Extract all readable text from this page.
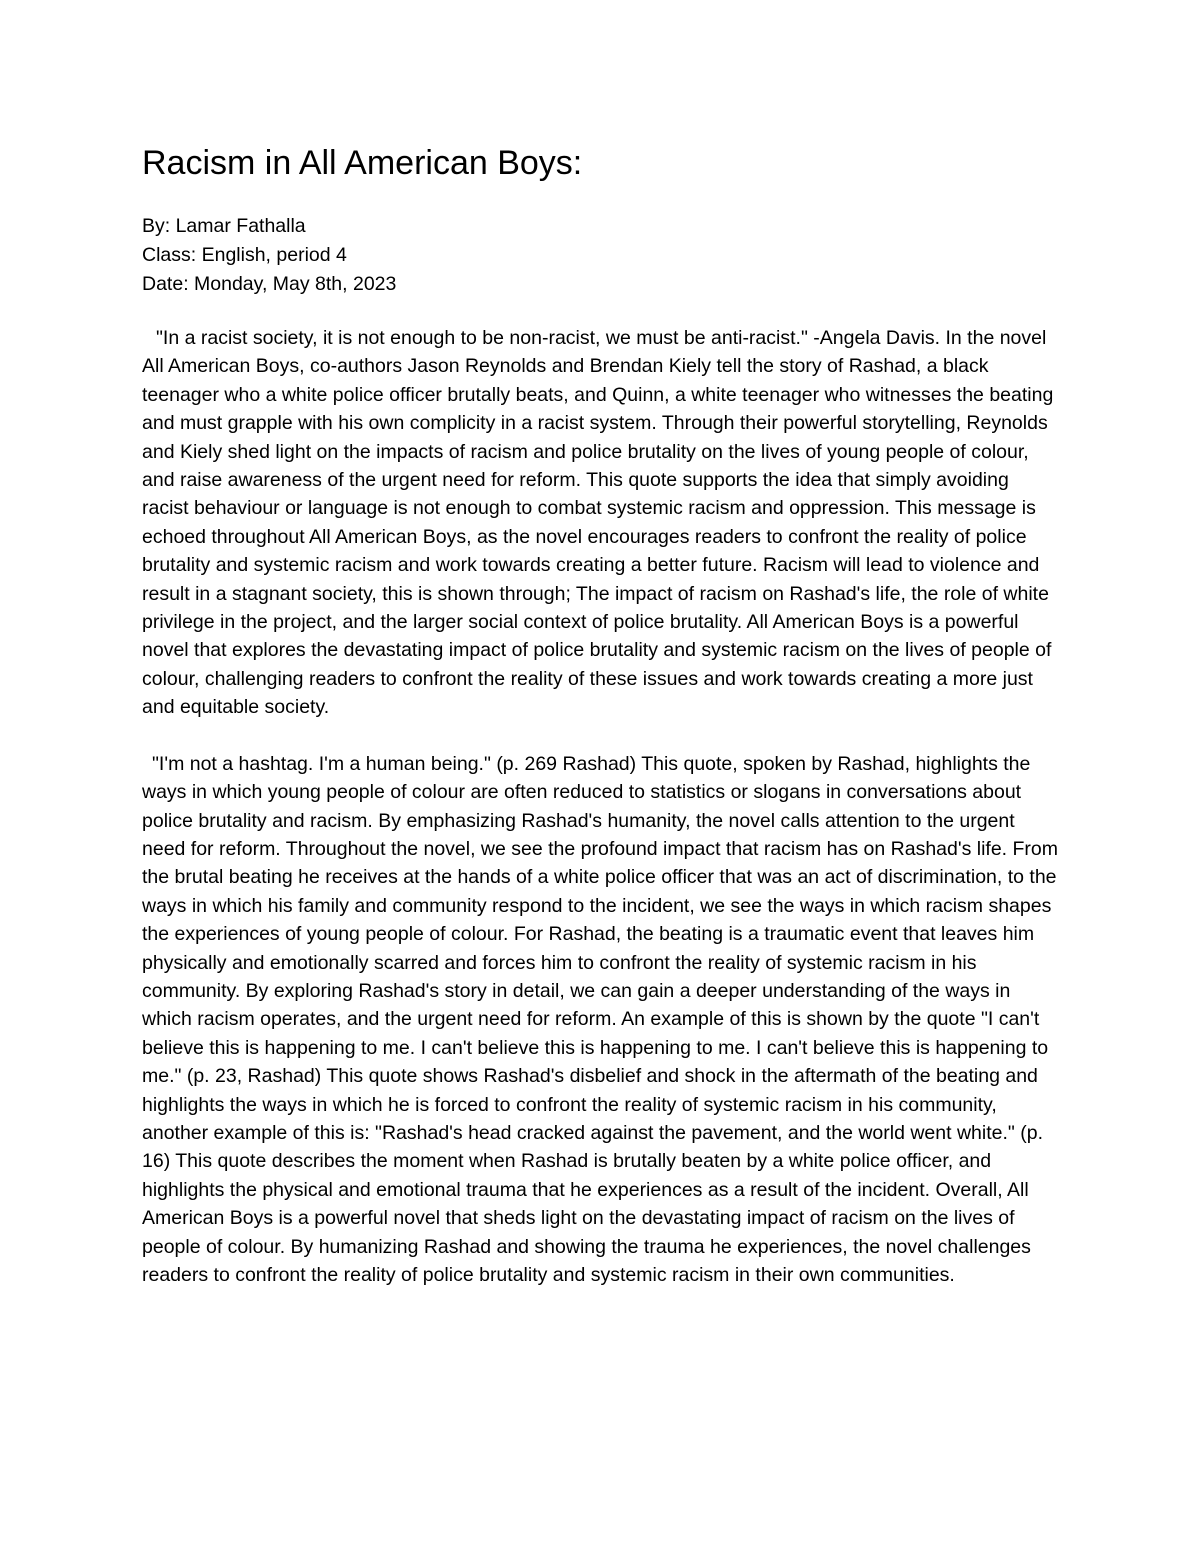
Racism in All American Boys:
By: Lamar Fathalla
Class: English, period 4
Date: Monday, May 8th, 2023

"In a racist society, it is not enough to be non-racist, we must be anti-racist." -Angela Davis. In the novel All American Boys, co-authors Jason Reynolds and Brendan Kiely tell the story of Rashad, a black teenager who a white police officer brutally beats, and Quinn, a white teenager who witnesses the beating and must grapple with his own complicity in a racist system. Through their powerful storytelling, Reynolds and Kiely shed light on the impacts of racism and police brutality on the lives of young people of colour, and raise awareness of the urgent need for reform. This quote supports the idea that simply avoiding racist behaviour or language is not enough to combat systemic racism and oppression. This message is echoed throughout All American Boys, as the novel encourages readers to confront the reality of police brutality and systemic racism and work towards creating a better future. Racism will lead to violence and result in a stagnant society, this is shown through; The impact of racism on Rashad's life, the role of white privilege in the project, and the larger social context of police brutality. All American Boys is a powerful novel that explores the devastating impact of police brutality and systemic racism on the lives of people of colour, challenging readers to confront the reality of these issues and work towards creating a more just and equitable society.

"I'm not a hashtag. I'm a human being." (p. 269 Rashad) This quote, spoken by Rashad, highlights the ways in which young people of colour are often reduced to statistics or slogans in conversations about police brutality and racism. By emphasizing Rashad's humanity, the novel calls attention to the urgent need for reform. Throughout the novel, we see the profound impact that racism has on Rashad's life. From the brutal beating he receives at the hands of a white police officer that was an act of discrimination, to the ways in which his family and community respond to the incident, we see the ways in which racism shapes the experiences of young people of colour. For Rashad, the beating is a traumatic event that leaves him physically and emotionally scarred and forces him to confront the reality of systemic racism in his community. By exploring Rashad's story in detail, we can gain a deeper understanding of the ways in which racism operates, and the urgent need for reform. An example of this is shown by the quote "I can't believe this is happening to me. I can't believe this is happening to me. I can't believe this is happening to me." (p. 23, Rashad) This quote shows Rashad's disbelief and shock in the aftermath of the beating and highlights the ways in which he is forced to confront the reality of systemic racism in his community, another example of this is: "Rashad's head cracked against the pavement, and the world went white." (p. 16) This quote describes the moment when Rashad is brutally beaten by a white police officer, and highlights the physical and emotional trauma that he experiences as a result of the incident. Overall, All American Boys is a powerful novel that sheds light on the devastating impact of racism on the lives of people of colour. By humanizing Rashad and showing the trauma he experiences, the novel challenges readers to confront the reality of police brutality and systemic racism in their own communities.
